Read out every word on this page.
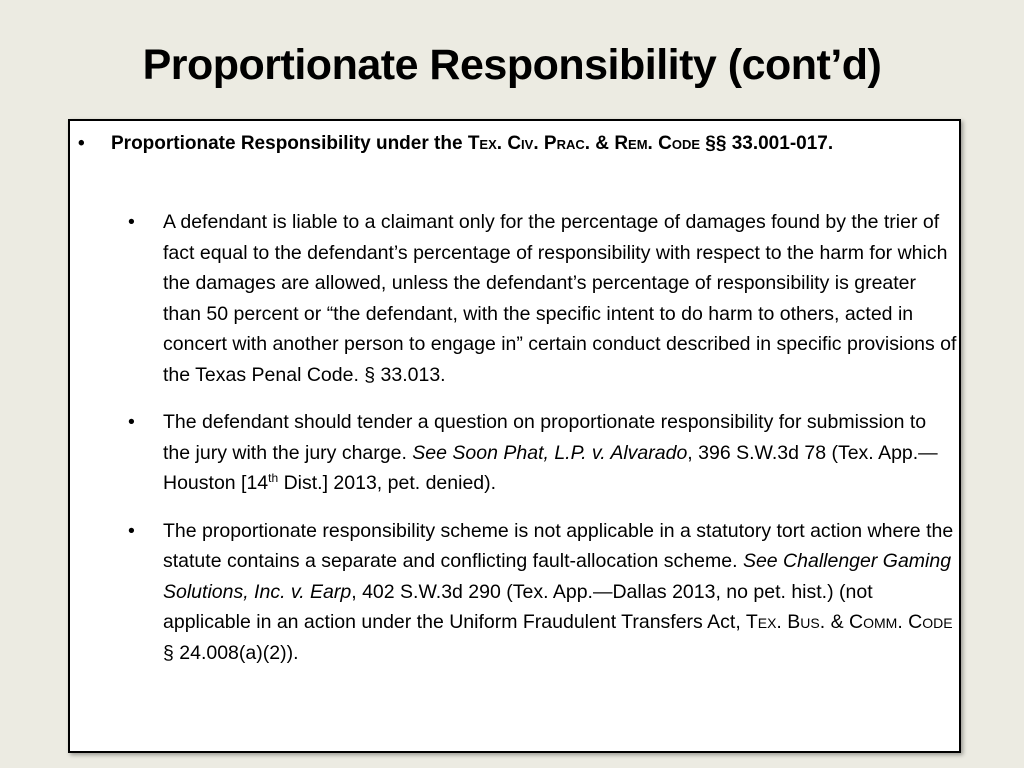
Proportionate Responsibility (cont’d)
• Proportionate Responsibility under the Tex. Civ. Prac. & Rem. Code §§ 33.001-017.
• A defendant is liable to a claimant only for the percentage of damages found by the trier of fact equal to the defendant’s percentage of responsibility with respect to the harm for which the damages are allowed, unless the defendant’s percentage of responsibility is greater than 50 percent or “the defendant, with the specific intent to do harm to others, acted in concert with another person to engage in” certain conduct described in specific provisions of the Texas Penal Code. § 33.013.
• The defendant should tender a question on proportionate responsibility for submission to the jury with the jury charge. See Soon Phat, L.P. v. Alvarado, 396 S.W.3d 78 (Tex. App.—Houston [14th Dist.] 2013, pet. denied).
• The proportionate responsibility scheme is not applicable in a statutory tort action where the statute contains a separate and conflicting fault-allocation scheme. See Challenger Gaming Solutions, Inc. v. Earp, 402 S.W.3d 290 (Tex. App.—Dallas 2013, no pet. hist.) (not applicable in an action under the Uniform Fraudulent Transfers Act, Tex. Bus. & Comm. Code § 24.008(a)(2)).
